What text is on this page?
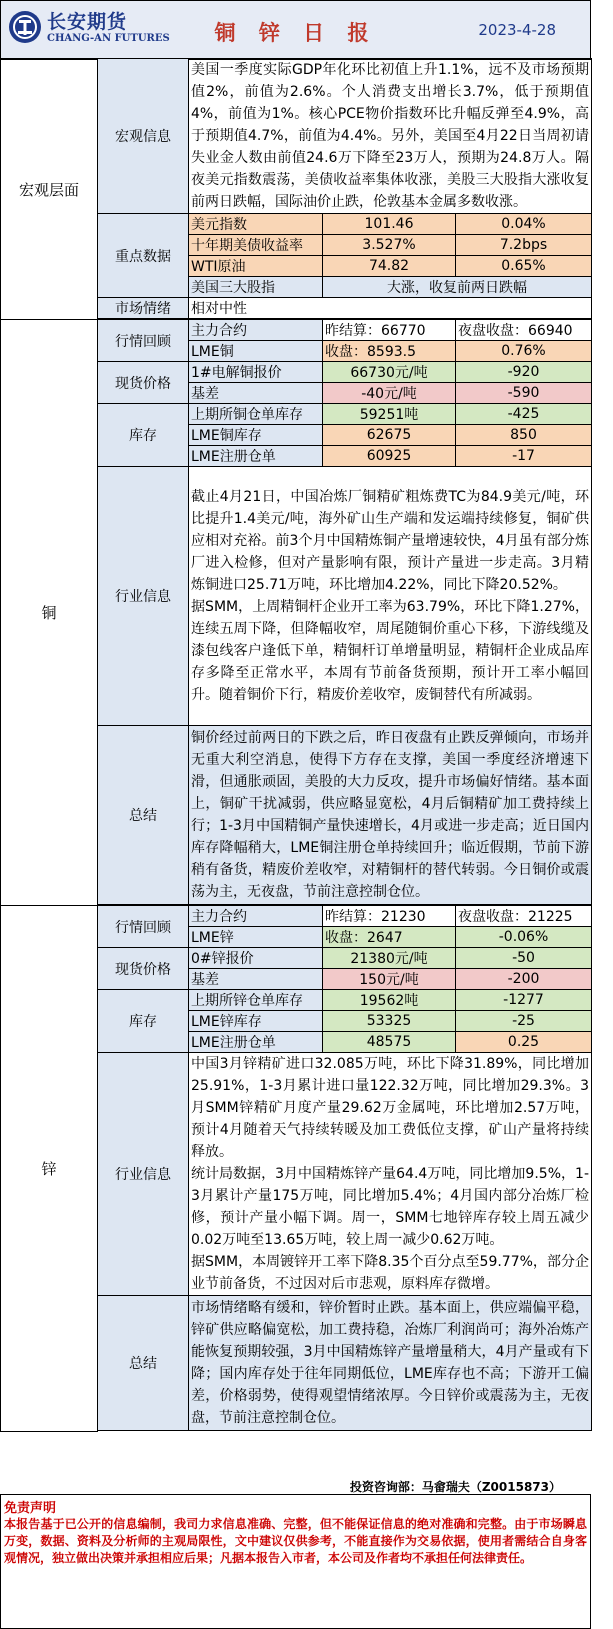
长安期货
CHANG-AN FUTURES	铜 锌 日 报	2023-4-28
宏观层面	宏观信息	美国一季度实际GDP年化环比初值上升1.1%，远不及市场预期值2%，前值为2.6%。个人消费支出增长3.7%，低于预期值4%，前值为1%。核心PCE物价指数环比升幅反弹至4.9%，高于预期值4.7%，前值为4.4%。另外，美国至4月22日当周初请失业金人数由前值24.6万下降至23万人，预期为24.8万人。隔夜美元指数震荡，美债收益率集体收涨，美股三大股指大涨收复前两日跌幅，国际油价止跌，伦敦基本金属多数收涨。		
	重点数据	美元指数	101.46	0.04%
		十年期美债收益率	3.527%	7.2bps
		WTI原油	74.82	0.65%
		美国三大股指	大涨，收复前两日跌幅	
	市场情绪	相对中性		

铜	行情回顾	主力合约	昨结算：66770	夜盘收盘：66940
		LME铜	收盘：8593.5	0.76%
	现货价格	1#电解铜报价	66730元/吨	-920
		基差	-40元/吨	-590
	库存	上期所铜仓单库存	59251吨	-425
		LME铜库存	62675	850
		LME注册仓单	60925	-17
	行业信息	截止4月21日，中国冶炼厂铜精矿粗炼费TC为84.9美元/吨，环比提升1.4美元/吨，海外矿山生产端和发运端持续修复，铜矿供应相对充裕。前3个月中国精炼铜产量增速较快，4月虽有部分炼厂进入检修，但对产量影响有限，预计产量进一步走高。3月精炼铜进口25.71万吨，环比增加4.22%，同比下降20.52%。
据SMM，上周精铜杆企业开工率为63.79%，环比下降1.27%，连续五周下降，但降幅收窄，周尾随铜价重心下移，下游线缆及漆包线客户逢低下单，精铜杆订单增量明显，精铜杆企业成品库存多降至正常水平，本周有节前备货预期，预计开工率小幅回升。随着铜价下行，精废价差收窄，废铜替代有所减弱。		

	总结	铜价经过前两日的下跌之后，昨日夜盘有止跌反弹倾向，市场并无重大利空消息，使得下方存在支撑，美国一季度经济增速下滑，但通胀顽固，美股的大力反攻，提升市场偏好情绪。基本面上，铜矿干扰减弱，供应略显宽松，4月后铜精矿加工费持续上行；1-3月中国精铜产量快速增长，4月或进一步走高；近日国内库存降幅稍大，LME铜注册仓单持续回升；临近假期，节前下游稍有备货，精废价差收窄，对精铜杆的替代转弱。今日铜价或震荡为主，无夜盘，节前注意控制仓位。		

锌	行情回顾	主力合约	昨结算：21230	夜盘收盘：21225
		LME锌	收盘：2647	-0.06%
	现货价格	0#锌报价	21380元/吨	-50
		基差	150元/吨	-200
	库存	上期所锌仓单库存	19562吨	-1277
		LME锌库存	53325	-25
		LME注册仓单	48575	0.25
	行业信息	中国3月锌精矿进口32.085万吨，环比下降31.89%，同比增加25.91%，1-3月累计进口量122.32万吨，同比增加29.3%。3月SMM锌精矿月度产量29.62万金属吨，环比增加2.57万吨，预计4月随着天气持续转暖及加工费低位支撑，矿山产量将持续释放。
统计局数据，3月中国精炼锌产量64.4万吨，同比增加9.5%，1-3月累计产量175万吨，同比增加5.4%；4月国内部分冶炼厂检修，预计产量小幅下调。周一，SMM七地锌库存较上周五减少0.02万吨至13.65万吨，较上周一减少0.62万吨。
据SMM，本周镀锌开工率下降8.35个百分点至59.77%，部分企业节前备货，不过因对后市悲观，原料库存微增。		

	总结	市场情绪略有缓和，锌价暂时止跌。基本面上，供应端偏平稳，锌矿供应略偏宽松，加工费持稳，冶炼厂利润尚可；海外冶炼产能恢复预期较强，3月中国精炼锌产量增量稍大，4月产量或有下降；国内库存处于往年同期低位，LME库存也不高；下游开工偏差，价格弱势，使得观望情绪浓厚。今日锌价或震荡为主，无夜盘，节前注意控制仓位。		

投资咨询部：马畲瑞夫（Z0015873）
免责声明
本报告基于已公开的信息编制，我司力求信息准确、完整，但不能保证信息的绝对准确和完整。由于市场瞬息万变，数据、资料及分析师的主观局限性，文中建议仅供参考，不能直接作为交易依据，使用者需结合自身客观情况，独立做出决策并承担相应后果；凡据本报告入市者，本公司及作者均不承担任何法律责任。
